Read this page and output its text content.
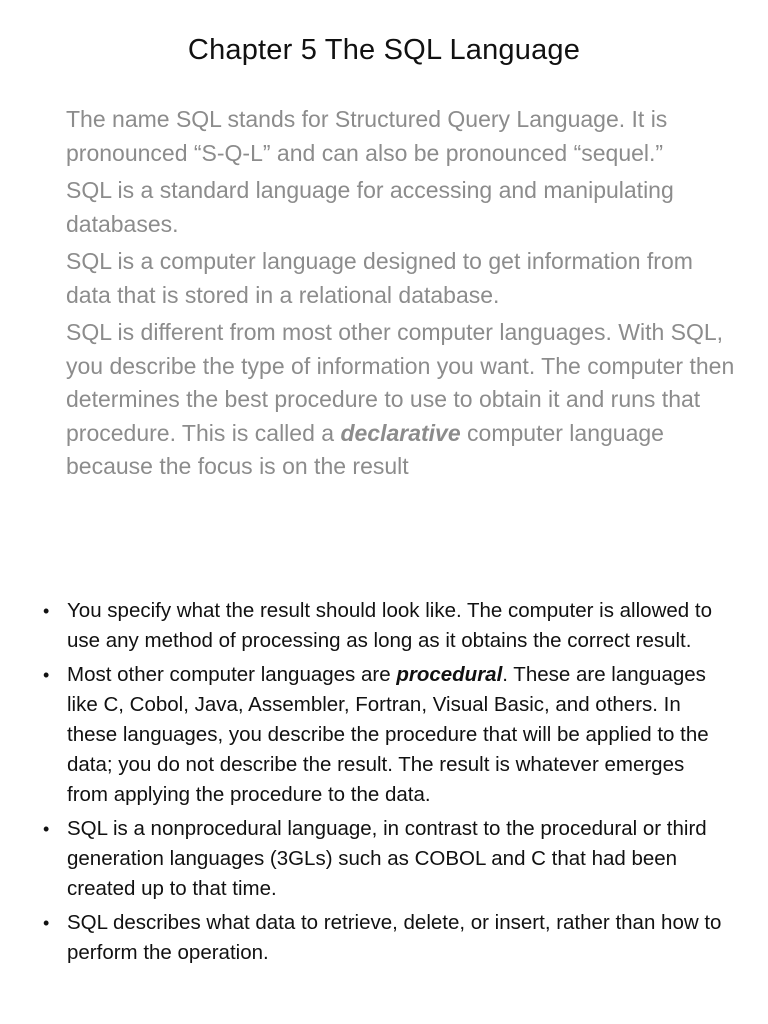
Chapter 5 The SQL Language

The name SQL stands for Structured Query Language. It is pronounced “S-Q-L” and can also be pronounced “sequel.”

SQL is a standard language for accessing and manipulating databases.

SQL is a computer language designed to get information from data that is stored in a relational database.

SQL is different from most other computer languages. With SQL, you describe the type of information you want. The computer then determines the best procedure to use to obtain it and runs that procedure. This is called a declarative computer language because the focus is on the result

• You specify what the result should look like. The computer is allowed to use any method of processing as long as it obtains the correct result.
• Most other computer languages are procedural. These are languages like C, Cobol, Java, Assembler, Fortran, Visual Basic, and others. In these languages, you describe the procedure that will be applied to the data; you do not describe the result. The result is whatever emerges from applying the procedure to the data.
• SQL is a nonprocedural language, in contrast to the procedural or third generation languages (3GLs) such as COBOL and C that had been created up to that time.
• SQL describes what data to retrieve, delete, or insert, rather than how to perform the operation.
